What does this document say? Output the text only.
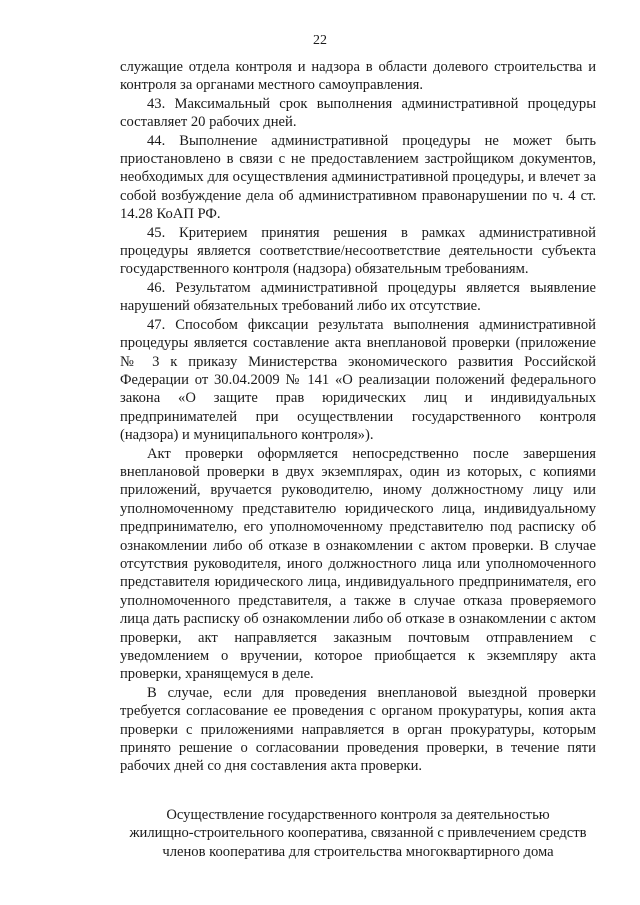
22

служащие отдела контроля и надзора в области долевого строительства и контроля за органами местного самоуправления.

43. Максимальный срок выполнения административной процедуры составляет 20 рабочих дней.

44. Выполнение административной процедуры не может быть приостановлено в связи с не предоставлением застройщиком документов, необходимых для осуществления административной процедуры, и влечет за собой возбуждение дела об административном правонарушении по ч. 4 ст. 14.28 КоАП РФ.

45. Критерием принятия решения в рамках административной процедуры является соответствие/несоответствие деятельности субъекта государственного контроля (надзора) обязательным требованиям.

46. Результатом административной процедуры является выявление нарушений обязательных требований либо их отсутствие.

47. Способом фиксации результата выполнения административной процедуры является составление акта внеплановой проверки (приложение № 3 к приказу Министерства экономического развития Российской Федерации от 30.04.2009 № 141 «О реализации положений федерального закона «О защите прав юридических лиц и индивидуальных предпринимателей при осуществлении государственного контроля (надзора) и муниципального контроля»).

Акт проверки оформляется непосредственно после завершения внеплановой проверки в двух экземплярах, один из которых, с копиями приложений, вручается руководителю, иному должностному лицу или уполномоченному представителю юридического лица, индивидуальному предпринимателю, его уполномоченному представителю под расписку об ознакомлении либо об отказе в ознакомлении с актом проверки. В случае отсутствия руководителя, иного должностного лица или уполномоченного представителя юридического лица, индивидуального предпринимателя, его уполномоченного представителя, а также в случае отказа проверяемого лица дать расписку об ознакомлении либо об отказе в ознакомлении с актом проверки, акт направляется заказным почтовым отправлением с уведомлением о вручении, которое приобщается к экземпляру акта проверки, хранящемуся в деле.

В случае, если для проведения внеплановой выездной проверки требуется согласование ее проведения с органом прокуратуры, копия акта проверки с приложениями направляется в орган прокуратуры, которым принято решение о согласовании проведения проверки, в течение пяти рабочих дней со дня составления акта проверки.

Осуществление государственного контроля за деятельностью
жилищно-строительного кооператива, связанной с привлечением средств
членов кооператива для строительства многоквартирного дома
